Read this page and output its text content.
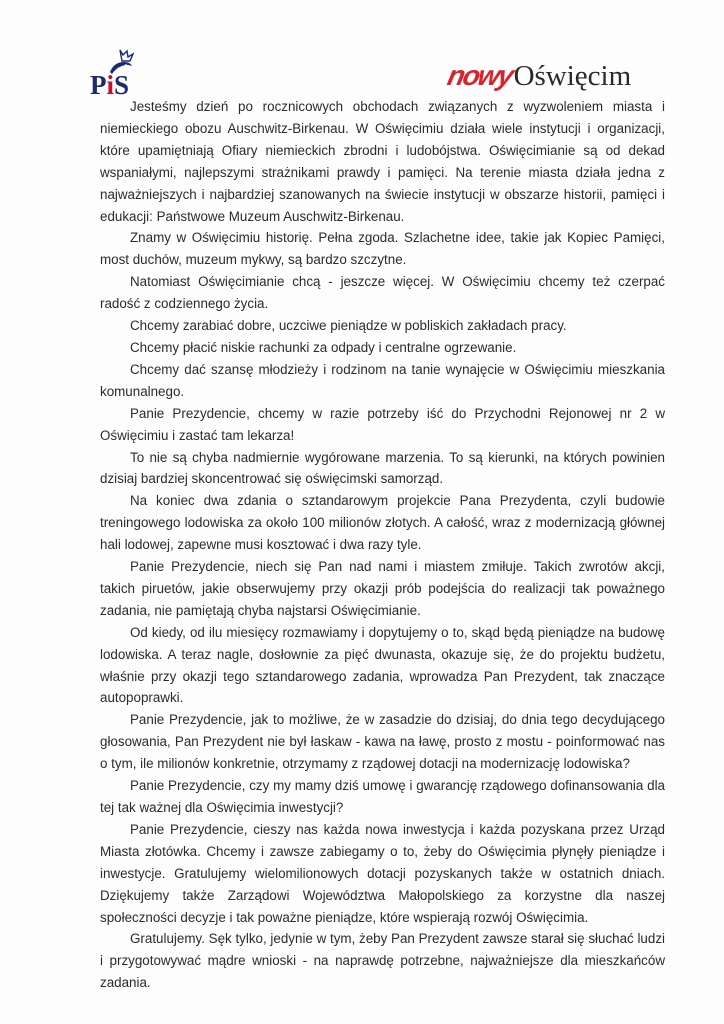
PiS	nowy
Oświęcim

Jesteśmy dzień po rocznicowych obchodach związanych z wyzwoleniem miasta i niemieckiego obozu Auschwitz-Birkenau. W Oświęcimiu działa wiele instytucji i organizacji, które upamiętniają Ofiary niemieckich zbrodni i ludobójstwa. Oświęcimianie są od dekad wspaniałymi, najlepszymi strażnikami prawdy i pamięci. Na terenie miasta działa jedna z najważniejszych i najbardziej szanowanych na świecie instytucji w obszarze historii, pamięci i edukacji: Państwowe Muzeum Auschwitz-Birkenau.

Znamy w Oświęcimiu historię. Pełna zgoda. Szlachetne idee, takie jak Kopiec Pamięci, most duchów, muzeum mykwy, są bardzo szczytne.

Natomiast Oświęcimianie chcą - jeszcze więcej. W Oświęcimiu chcemy też czerpać radość z codziennego życia.

Chcemy zarabiać dobre, uczciwe pieniądze w pobliskich zakładach pracy.

Chcemy płacić niskie rachunki za odpady i centralne ogrzewanie.

Chcemy dać szansę młodzieży i rodzinom na tanie wynajęcie w Oświęcimiu mieszkania komunalnego.

Panie Prezydencie, chcemy w razie potrzeby iść do Przychodni Rejonowej nr 2 w Oświęcimiu i zastać tam lekarza!

To nie są chyba nadmiernie wygórowane marzenia. To są kierunki, na których powinien dzisiaj bardziej skoncentrować się oświęcimski samorząd.

Na koniec dwa zdania o sztandarowym projekcie Pana Prezydenta, czyli budowie treningowego lodowiska za około 100 milionów złotych. A całość, wraz z modernizacją głównej hali lodowej, zapewne musi kosztować i dwa razy tyle.

Panie Prezydencie, niech się Pan nad nami i miastem zmiłuje. Takich zwrotów akcji, takich piruetów, jakie obserwujemy przy okazji prób podejścia do realizacji tak poważnego zadania, nie pamiętają chyba najstarsi Oświęcimianie.

Od kiedy, od ilu miesięcy rozmawiamy i dopytujemy o to, skąd będą pieniądze na budowę lodowiska. A teraz nagle, dosłownie za pięć dwunasta, okazuje się, że do projektu budżetu, właśnie przy okazji tego sztandarowego zadania, wprowadza Pan Prezydent, tak znaczące autopoprawki.

Panie Prezydencie, jak to możliwe, że w zasadzie do dzisiaj, do dnia tego decydującego głosowania, Pan Prezydent nie był łaskaw - kawa na ławę, prosto z mostu - poinformować nas o tym, ile milionów konkretnie, otrzymamy z rządowej dotacji na modernizację lodowiska?

Panie Prezydencie, czy my mamy dziś umowę i gwarancję rządowego dofinansowania dla tej tak ważnej dla Oświęcimia inwestycji?

Panie Prezydencie, cieszy nas każda nowa inwestycja i każda pozyskana przez Urząd Miasta złotówka. Chcemy i zawsze zabiegamy o to, żeby do Oświęcimia płynęły pieniądze i inwestycje. Gratulujemy wielomilionowych dotacji pozyskanych także w ostatnich dniach. Dziękujemy także Zarządowi Województwa Małopolskiego za korzystne dla naszej społeczności decyzje i tak poważne pieniądze, które wspierają rozwój Oświęcimia.

Gratulujemy. Sęk tylko, jedynie w tym, żeby Pan Prezydent zawsze starał się słuchać ludzi i przygotowywać mądre wnioski - na naprawdę potrzebne, najważniejsze dla mieszkańców zadania.
